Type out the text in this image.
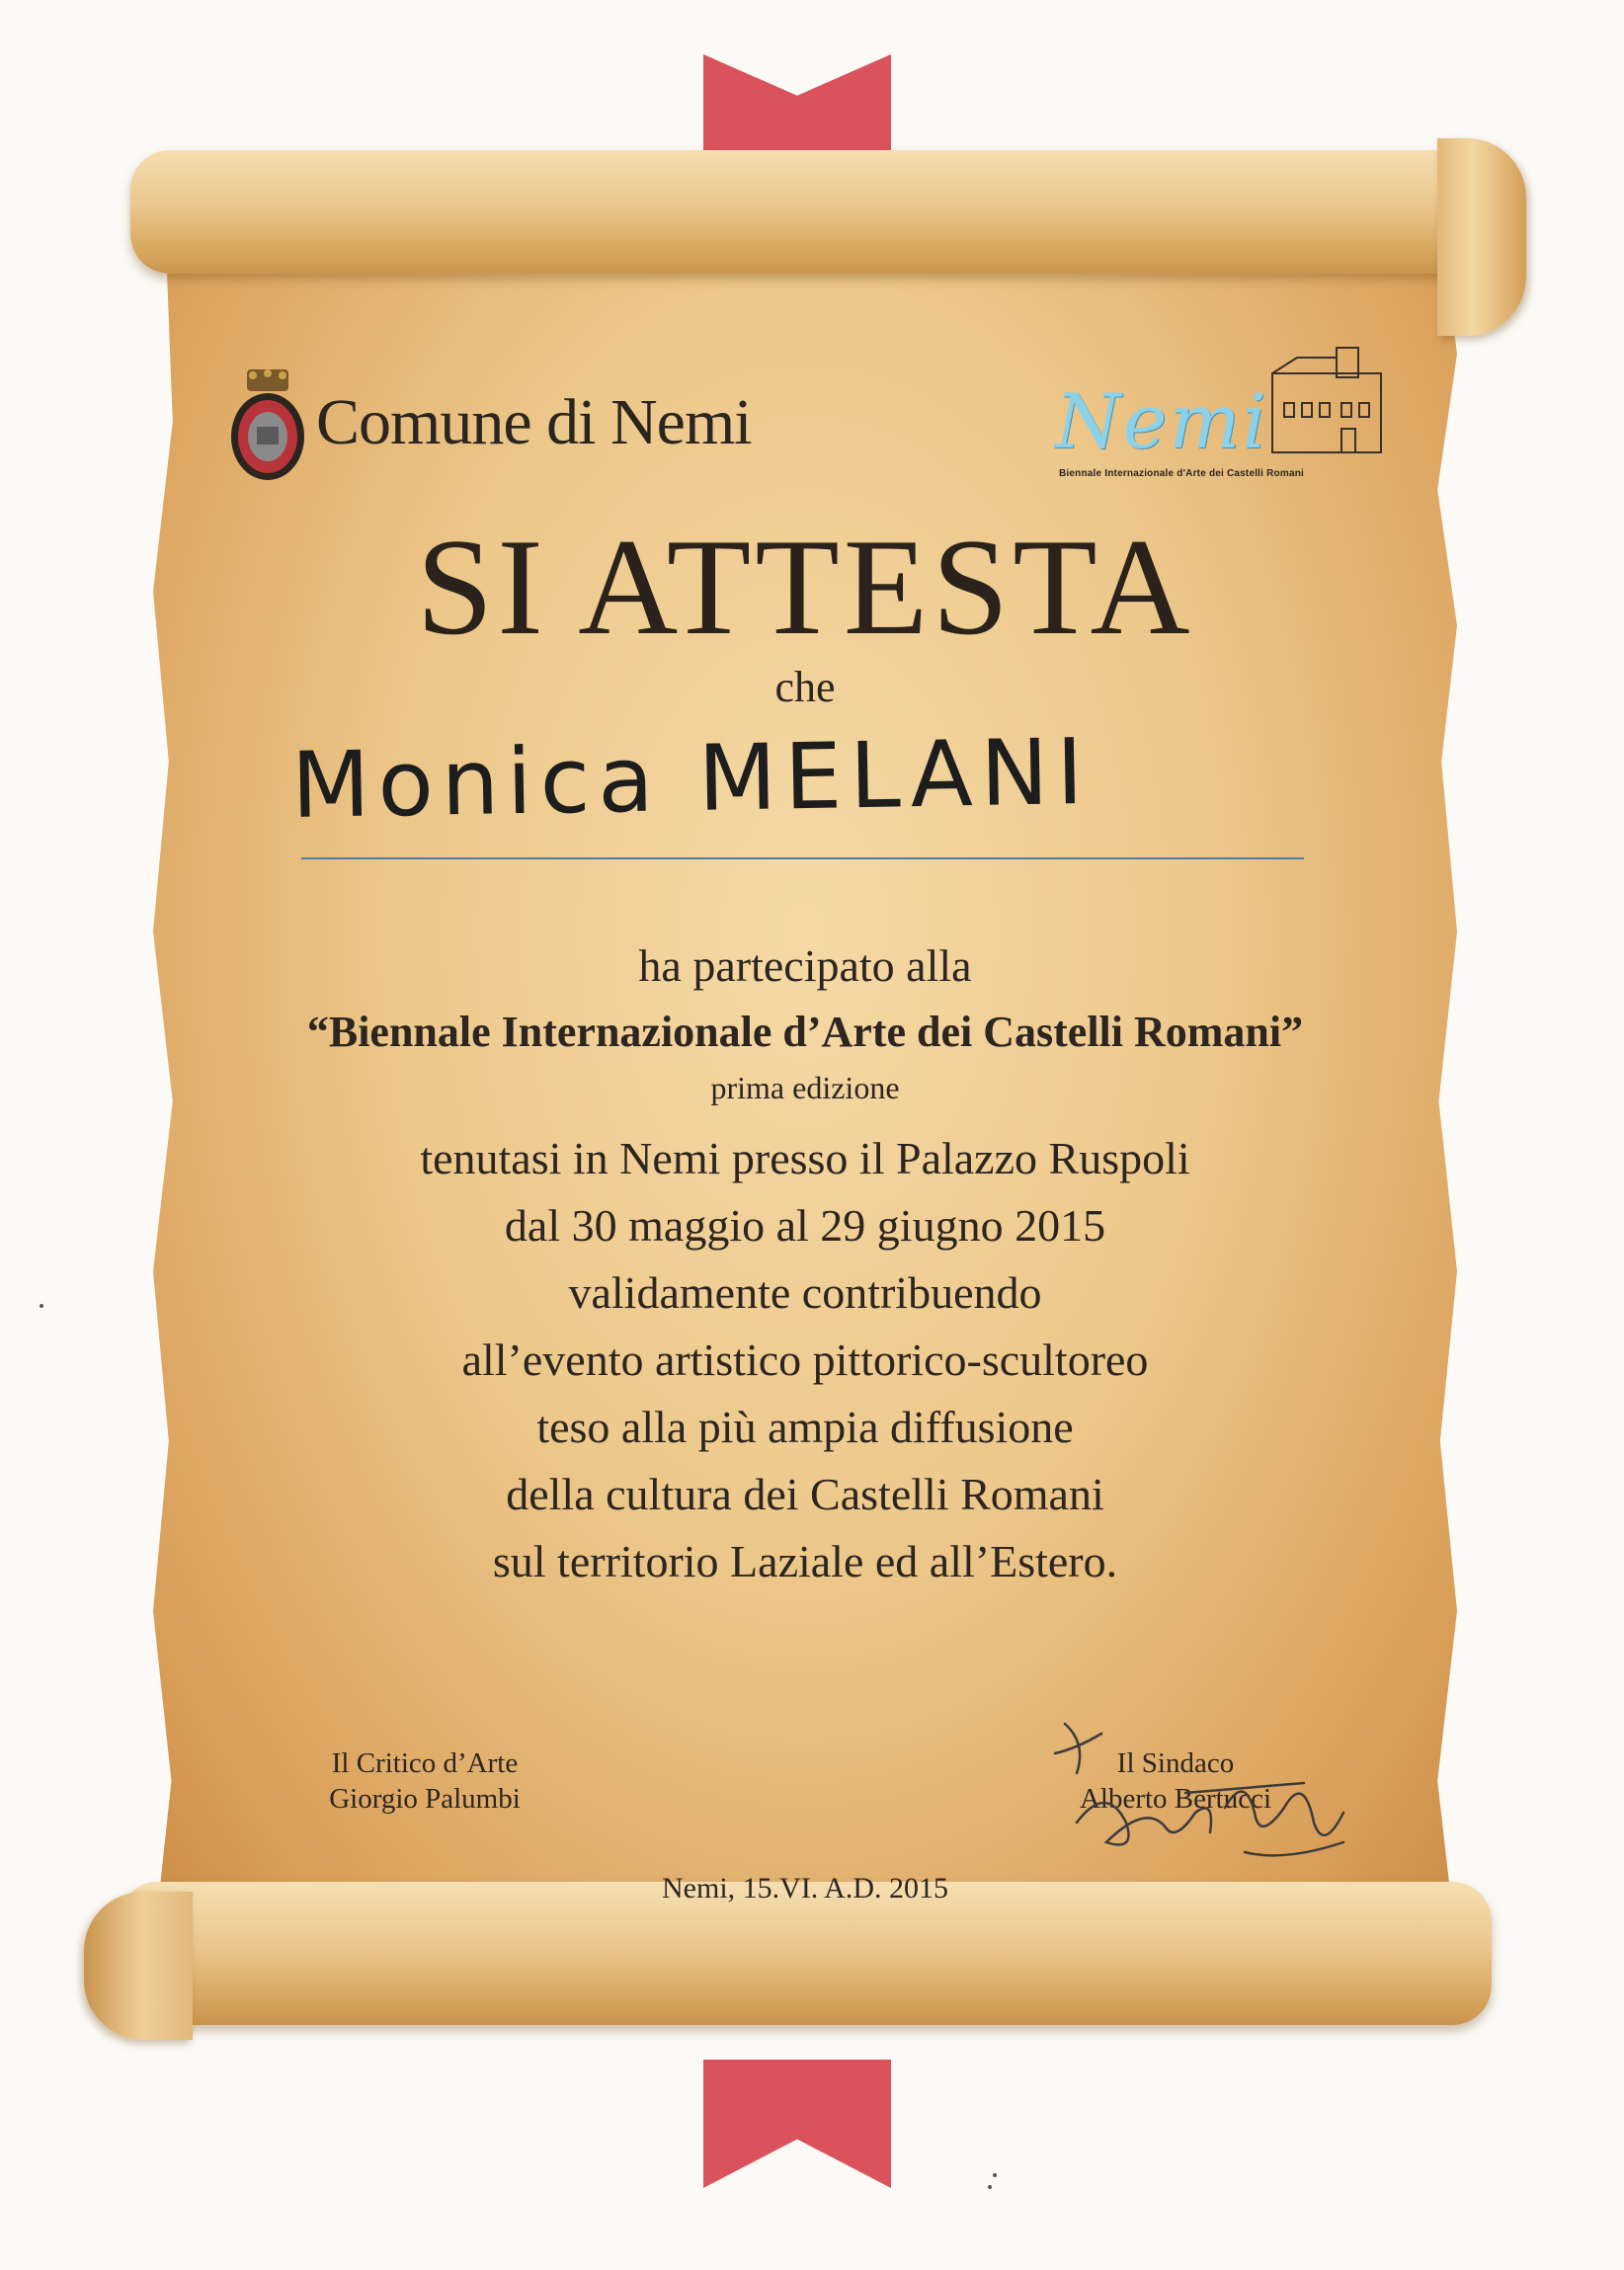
Comune di Nemi	Nemi
Biennale Internazionale d'Arte dei Castelli Romani
SI ATTESTA
che
Monica MELANI
ha partecipato alla
“Biennale Internazionale d’Arte dei Castelli Romani”
prima edizione
tenutasi in Nemi presso il Palazzo Ruspoli
dal 30 maggio al 29 giugno 2015
validamente contribuendo
all’evento artistico pittorico-scultoreo
teso alla più ampia diffusione
della cultura dei Castelli Romani
sul territorio Laziale ed all’Estero.
Il Critico d’Arte
Giorgio Palumbi
Il Sindaco
Alberto Bertucci
Nemi, 15.VI. A.D. 2015
